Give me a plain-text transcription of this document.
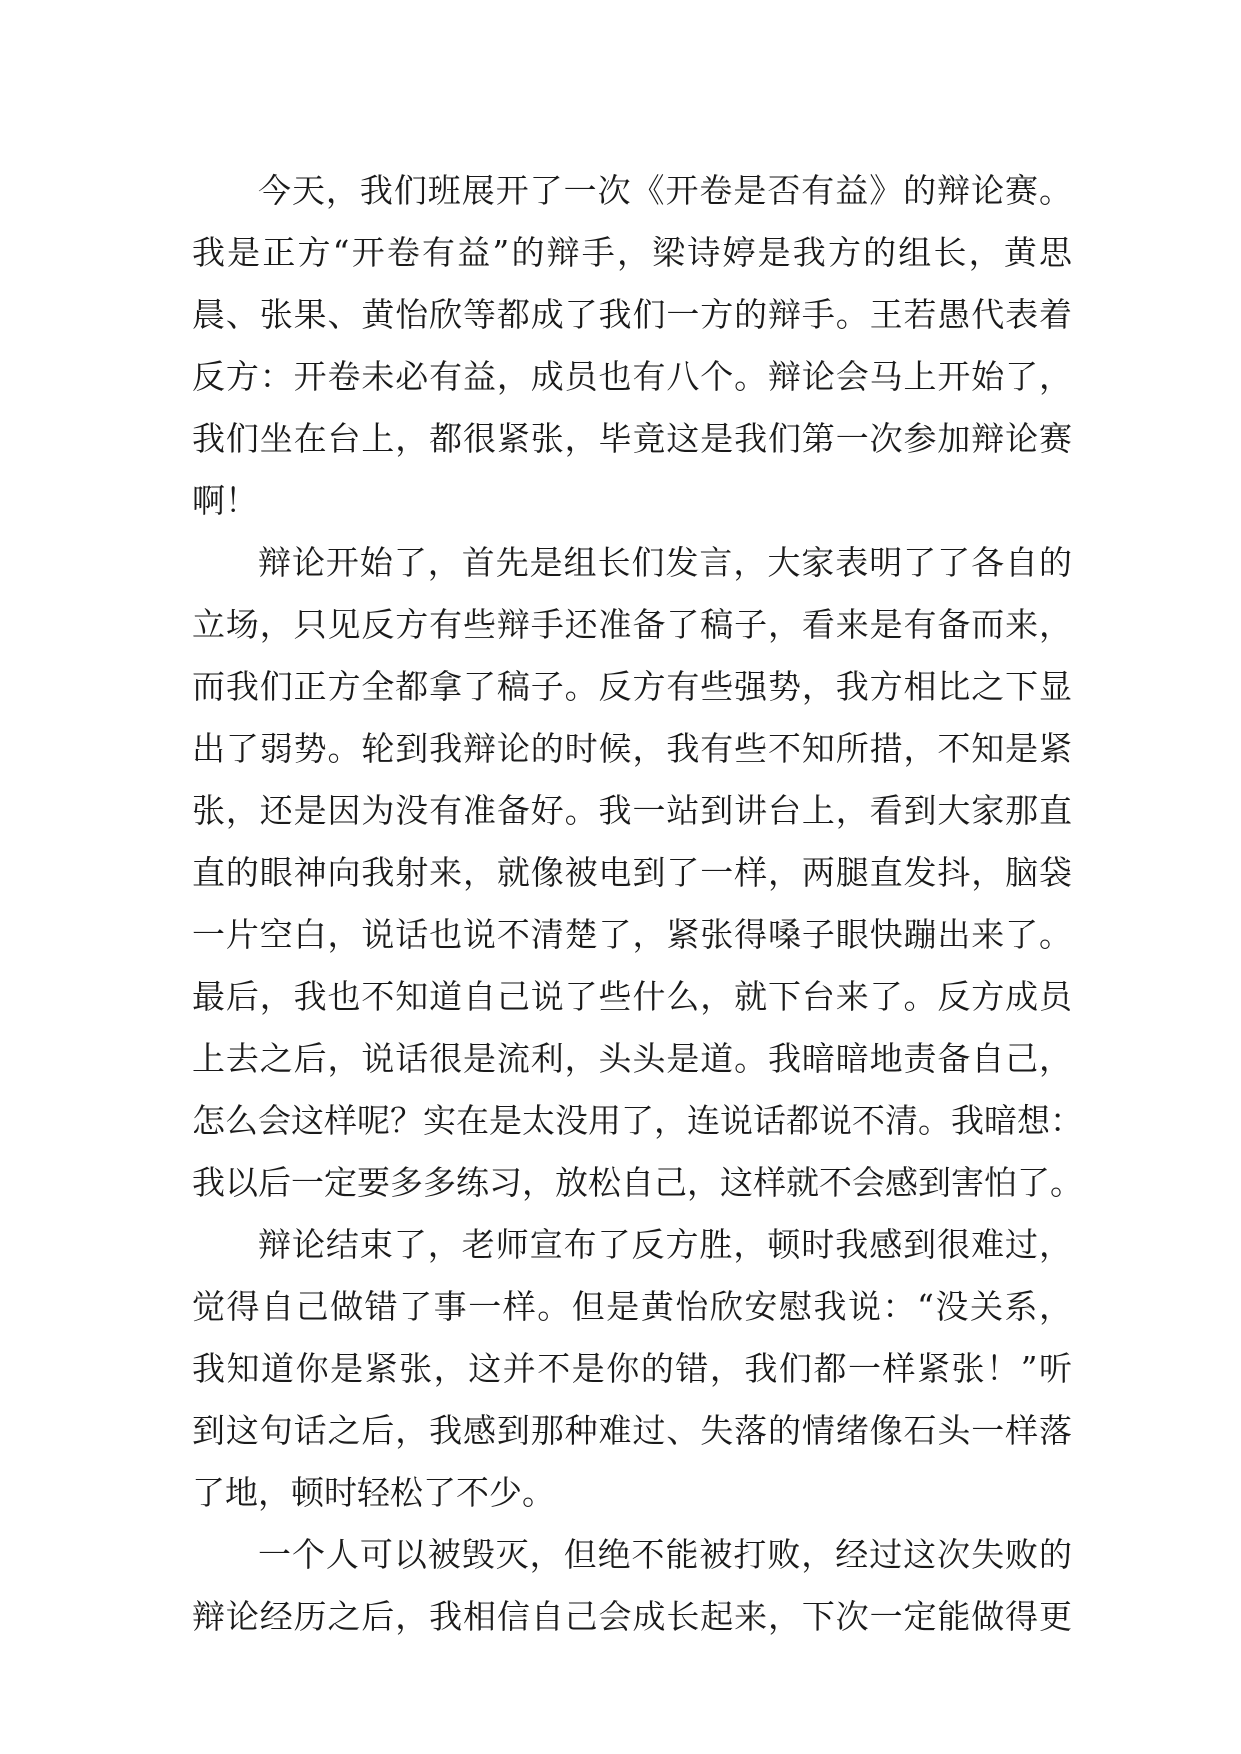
今天，我们班展开了一次《开卷是否有益》的辩论赛。
我是正方“开卷有益”的辩手，梁诗婷是我方的组长，黄思
晨、张果、黄怡欣等都成了我们一方的辩手。王若愚代表着
反方：开卷未必有益，成员也有八个。辩论会马上开始了，
我们坐在台上，都很紧张，毕竟这是我们第一次参加辩论赛
啊！
辩论开始了，首先是组长们发言，大家表明了了各自的
立场，只见反方有些辩手还准备了稿子，看来是有备而来，
而我们正方全都拿了稿子。反方有些强势，我方相比之下显
出了弱势。轮到我辩论的时候，我有些不知所措，不知是紧
张，还是因为没有准备好。我一站到讲台上，看到大家那直
直的眼神向我射来，就像被电到了一样，两腿直发抖，脑袋
一片空白，说话也说不清楚了，紧张得嗓子眼快蹦出来了。
最后，我也不知道自己说了些什么，就下台来了。反方成员
上去之后，说话很是流利，头头是道。我暗暗地责备自己，
怎么会这样呢？实在是太没用了，连说话都说不清。我暗想：
我以后一定要多多练习，放松自己，这样就不会感到害怕了。
辩论结束了，老师宣布了反方胜，顿时我感到很难过，
觉得自己做错了事一样。但是黄怡欣安慰我说：“没关系，
我知道你是紧张，这并不是你的错，我们都一样紧张！”听
到这句话之后，我感到那种难过、失落的情绪像石头一样落
了地，顿时轻松了不少。
一个人可以被毁灭，但绝不能被打败，经过这次失败的
辩论经历之后，我相信自己会成长起来，下次一定能做得更
